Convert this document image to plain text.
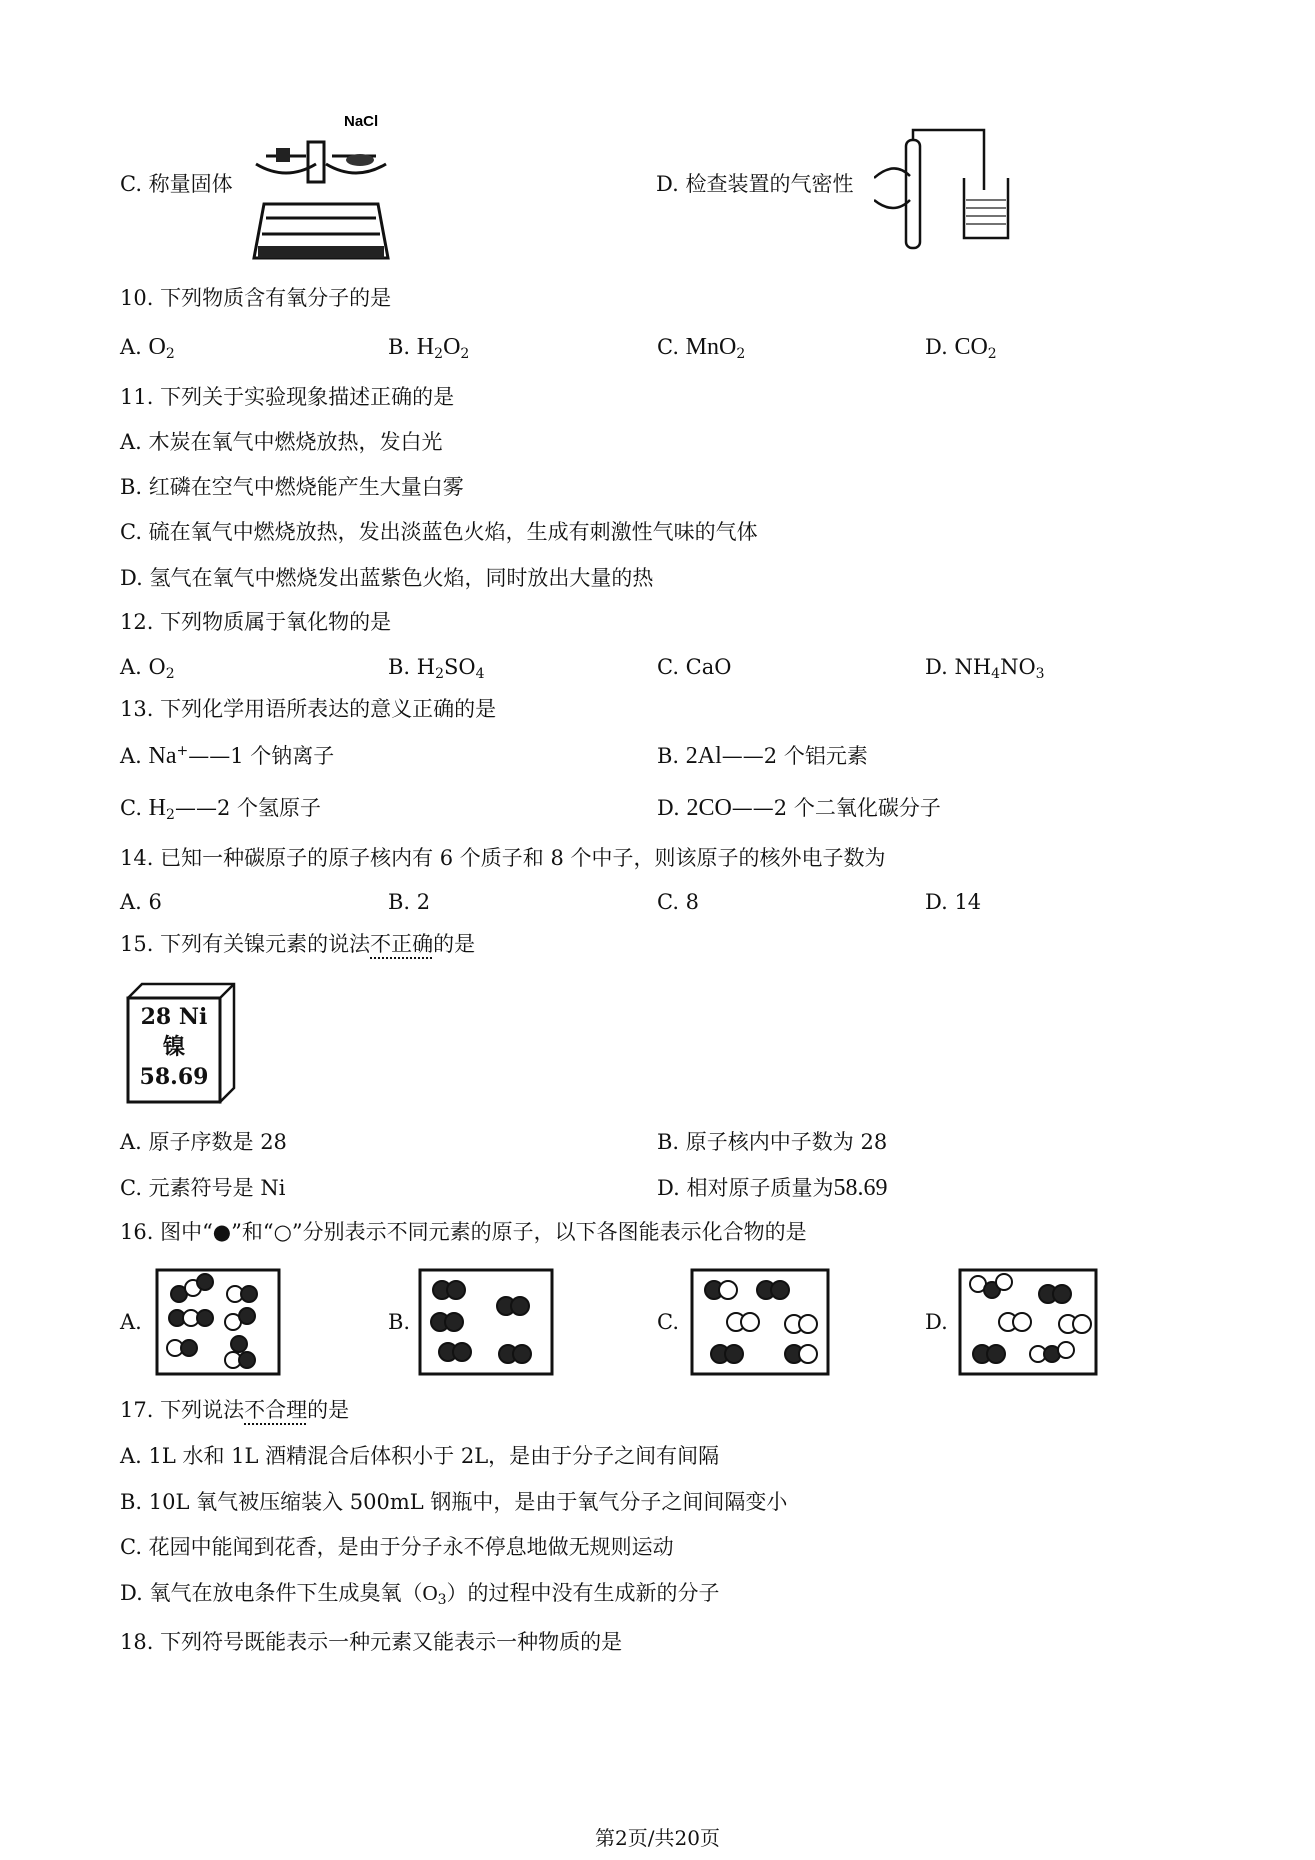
C. 称量固体
NaCl
D. 检查装置的气密性
10. 下列物质含有氧分子的是
A. $O_2$	B. $H_2O_2$	C. MnO$_2$	D. $CO_2$
11. 下列关于实验现象描述正确的是
A. 木炭在氧气中燃烧放热，发白光
B. 红磷在空气中燃烧能产生大量白雾
C. 硫在氧气中燃烧放热，发出淡蓝色火焰，生成有刺激性气味的气体
D. 氢气在氧气中燃烧发出蓝紫色火焰，同时放出大量的热
12. 下列物质属于氧化物的是
A. $O_2$	B. $H_2SO_4$	C. CaO	D. $NH_4NO_3$
13. 下列化学用语所表达的意义正确的是
A. Na+——1 个钠离子	B. 2Al——2 个铝元素
C. $H_2——2$ 个氢原子	D. 2CO——2 个二氧化碳分子
14. 已知一种碳原子的原子核内有 6 个质子和 8 个中子，则该原子的核外电子数为
A. 6	B. 2	C. 8	D. 14
15. 下列有关镍元素的说法不正确的是
28 Ni
镍
58.69
A. 原子序数是 28	B. 原子核内中子数为 28
C. 元素符号是 Ni	D. 相对原子质量为58.69
16. 图中“●”和“○”分别表示不同元素的原子，以下各图能表示化合物的是
A.	B.	C.	D.
17. 下列说法不合理的是
A. 1L 水和 1L 酒精混合后体积小于 2L，是由于分子之间有间隔
B. 10L 氧气被压缩装入 500mL 钢瓶中，是由于氧气分子之间间隔变小
C. 花园中能闻到花香，是由于分子永不停息地做无规则运动
D. 氧气在放电条件下生成臭氧$(O_3)$的过程中没有生成新的分子
18. 下列符号既能表示一种元素又能表示一种物质的是
第2页/共20页
